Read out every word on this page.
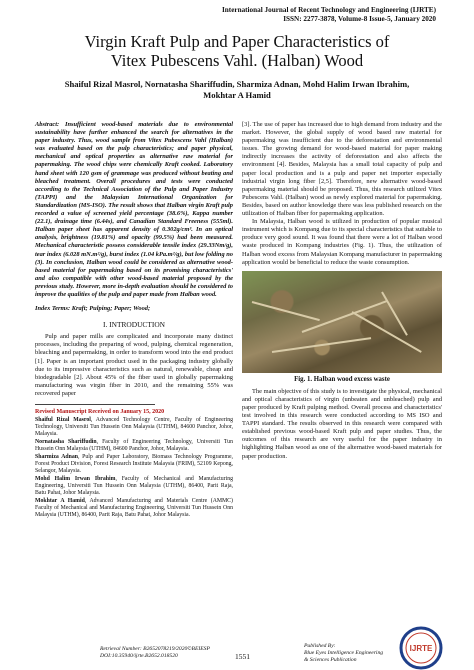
International Journal of Recent Technology and Engineering (IJRTE)
ISSN: 2277-3878, Volume-8 Issue-5, January 2020
Virgin Kraft Pulp and Paper Characteristics of
Vitex Pubescens Vahl. (Halban) Wood
Shaiful Rizal Masrol, Nornatasha Shariffudin, Sharmiza Adnan, Mohd Halim Irwan Ibrahim,
Mokhtar A Hamid
Abstract: Insufficient wood-based materials due to environmental sustainability have further enhanced the search for alternatives in the paper industry. Thus, wood sample from Vitex Pubescens Vahl (Halban) was evaluated based on the pulp characteristics; and paper physical, mechanical and optical properties as alternative raw material for papermaking. The wood chips were chemically Kraft cooked. Laboratory hand sheet with 120 gsm of grammage was produced without beating and bleached treatment. Overall procedures and tests were conducted according to the Technical Association of the Pulp and Paper Industry (TAPPI) and the Malaysian International Organization for Standardization (MS-ISO). The result shows that Halban virgin Kraft pulp recorded a value of screened yield percentage (38.6%), Kappa number (22.1), drainage time (6.44s), and Canadian Standard Freeness (555ml). Halban paper sheet has apparent density of 0.302g/cm³. In an optical analysis, brightness (19.81%) and opacity (99.5%) had been measured. Mechanical characteristic possess considerable tensile index (29.33Nm/g), tear index (6.028 mN.m²/g), burst index (1.04 kPa.m²/g), but low folding no (3). In conclusion, Halban wood could be considered as alternative wood-based material for papermaking based on its promising characteristics' and also compatible with other wood-based material proposed by the previous study. However, more in-depth evaluation should be considered to improve the qualities of the pulp and paper made from Halban wood.
Index Terms: Kraft; Pulping; Paper; Wood;
I. INTRODUCTION
Pulp and paper mills are complicated and incorporate many distinct processes, including the preparing of wood, pulping, chemical regeneration, bleaching and papermaking, in order to transform wood into the end product [1]. Paper is an important product used in the packaging industry globally due to its impressive characteristics such as natural, renewable, cheap and biodegradable [2]. About 45% of the fiber used in globally papermaking manufacturing was virgin fiber in 2010, and the remaining 55% was recovered paper
Revised Manuscript Received on January 15, 2020
Shaiful Rizal Masrol, Advanced Technology Centre, Faculty of Engineering Technology, Universiti Tun Hussein Onn Malaysia (UTHM), 84600 Panchor, Johor, Malaysia.
Nornatasha Shariffudin, Faculty of Engineering Technology, Universiti Tun Hussein Onn Malaysia (UTHM), 84600 Panchor, Johor, Malaysia.
Sharmiza Adnan, Pulp and Paper Laboratory, Biomass Technology Programme, Forest Product Division, Forest Research Institute Malaysia (FRIM), 52109 Kepong, Selangor, Malaysia.
Mohd Halim Irwan Ibrahim, Faculty of Mechanical and Manufacturing Engineering, Universiti Tun Hussein Onn Malaysia (UTHM), 86400, Parit Raja, Batu Pahat, Johor Malaysia.
Mokhtar A Hamid, Advanced Manufacturing and Materials Centre (AMMC) Faculty of Mechanical and Manufacturing Engineering, Universiti Tun Hussein Onn Malaysia (UTHM), 86400, Parit Raja, Batu Pahat, Johor Malaysia.
[3]. The use of paper has increased due to high demand from industry and the market. However, the global supply of wood based raw material for papermaking was insufficient due to the deforestation and environmental issues. The growing demand for wood-based material for paper making indirectly increases the activity of deforestation and also affects the environment [4]. Besides, Malaysia has a small total capacity of pulp and paper local production and is a pulp and paper net importer especially industrial virgin long fiber [2,5]. Therefore, new alternative wood-based papermaking material should be proposed. Thus, this research utilized Vitex Pubescens Vahl. (Halban) wood as newly explored material for papermaking. Besides, based on author knowledge there was less published research on the utilization of Halban fiber for papermaking application.
In Malaysia, Halban wood is utilized in production of popular musical instrument which is Kompang due to its special characteristics that suitable to produce very good sound. It was found that there were a lot of Halban wood waste produced in Kompang industries (Fig. 1). Thus, the utilization of Halban wood excess from Malaysian Kompang manufacturer in papermaking application would be beneficial to reduce the waste consumption.
Fig. 1. Halban wood excess waste
The main objective of this study is to investigate the physical, mechanical and optical characteristics of virgin (unbeaten and unbleached) pulp and paper produced by Kraft pulping method. Overall process and characteristics' test involved in this research were conducted according to MS ISO and TAPPI standard. The results observed in this research were compared with established previous wood-based Kraft pulp and paper studies. Thus, the outcomes of this research are very useful for the paper industry in highlighting Halban wood as one of the alternative wood-based materials for paper production.
Retrieval Number: B2652078219/2020©BEIESP
DOI:10.35940/ijrte.B2652.018520	1551
Published By:
Blue Eyes Intelligence Engineering
& Sciences Publication
IJRTE
